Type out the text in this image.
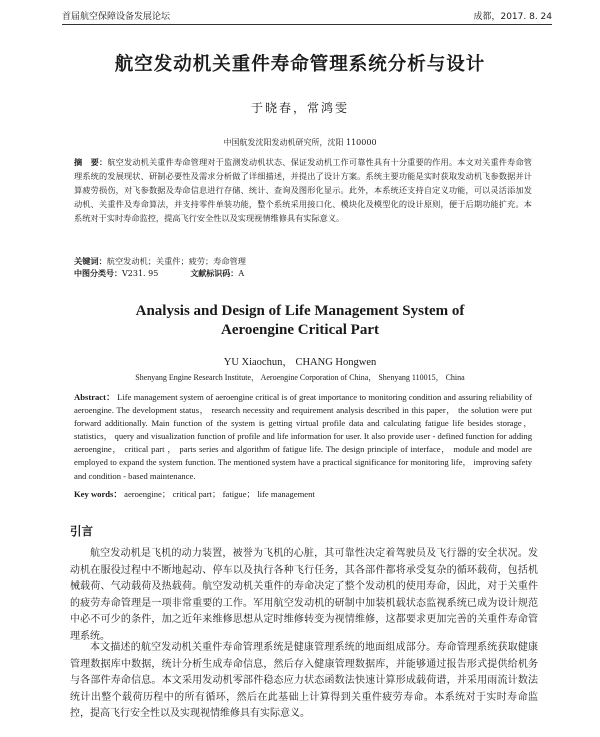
首届航空保障设备发展论坛	成都，2017. 8. 24
航空发动机关重件寿命管理系统分析与设计
于晓春，常鸿雯
中国航发沈阳发动机研究所，沈阳 110000
摘　要：航空发动机关重件寿命管理对于监测发动机状态、保证发动机工作可靠性具有十分重要的作用。本文对关重件寿命管理系统的发展现状、研制必要性及需求分析做了详细描述，并提出了设计方案。系统主要功能是实时获取发动机飞参数据并计算疲劳损伤，对飞参数据及寿命信息进行存储、统计、查询及图形化显示。此外，本系统还支持自定义功能，可以灵活添加发动机、关重件及寿命算法，并支持零件单装功能，整个系统采用接口化、模块化及模型化的设计原则，便于后期功能扩充。本系统对于实时寿命监控，提高飞行安全性以及实现视情维修具有实际意义。
关键词：航空发动机；关重件；疲劳；寿命管理
中图分类号：V231. 95	文献标识码：A
Analysis and Design of Life Management System of
Aeroengine Critical Part
YU Xiaochun， CHANG Hongwen
Shenyang Engine Research Institute， Aeroengine Corporation of China， Shenyang 110015， China
Abstract： Life management system of aeroengine critical is of great importance to monitoring condition and assuring reliability of aeroengine. The development status， research necessity and requirement analysis described in this paper， the solution were put forward additionally. Main function of the system is getting virtual profile data and calculating fatigue life besides storage， statistics， query and visualization function of profile and life information for user. It also provide user - defined function for adding aeroengine， critical part ， parts series and algorithm of fatigue life. The design principle of interface， module and model are employed to expand the system function. The mentioned system have a practical significance for monitoring life， improving safety and condition - based maintenance.
Key words： aeroengine； critical part； fatigue； life management
引言

航空发动机是飞机的动力装置，被誉为飞机的心脏，其可靠性决定着驾驶员及飞行器的安全状况。发动机在服役过程中不断地起动、停车以及执行各种飞行任务，其各部件都将承受复杂的循环载荷，包括机械载荷、气动载荷及热载荷。航空发动机关重件的寿命决定了整个发动机的使用寿命，因此，对于关重件的疲劳寿命管理是一项非常重要的工作。军用航空发动机的研制中加装机载状态监视系统已成为设计规范中必不可少的条件，加之近年来维修思想从定时维修转变为视情维修，这都要求更加完善的关重件寿命管理系统。

本文描述的航空发动机关重件寿命管理系统是健康管理系统的地面组成部分。寿命管理系统获取健康管理数据库中数据，统计分析生成寿命信息，然后存入健康管理数据库，并能够通过报告形式提供给机务与各部件寿命信息。本文采用发动机零部件稳态应力状态函数法快速计算形成载荷谱，并采用雨流计数法统计出整个载荷历程中的所有循环，然后在此基础上计算得到关重件疲劳寿命。本系统对于实时寿命监控，提高飞行安全性以及实现视情维修具有实际意义。
